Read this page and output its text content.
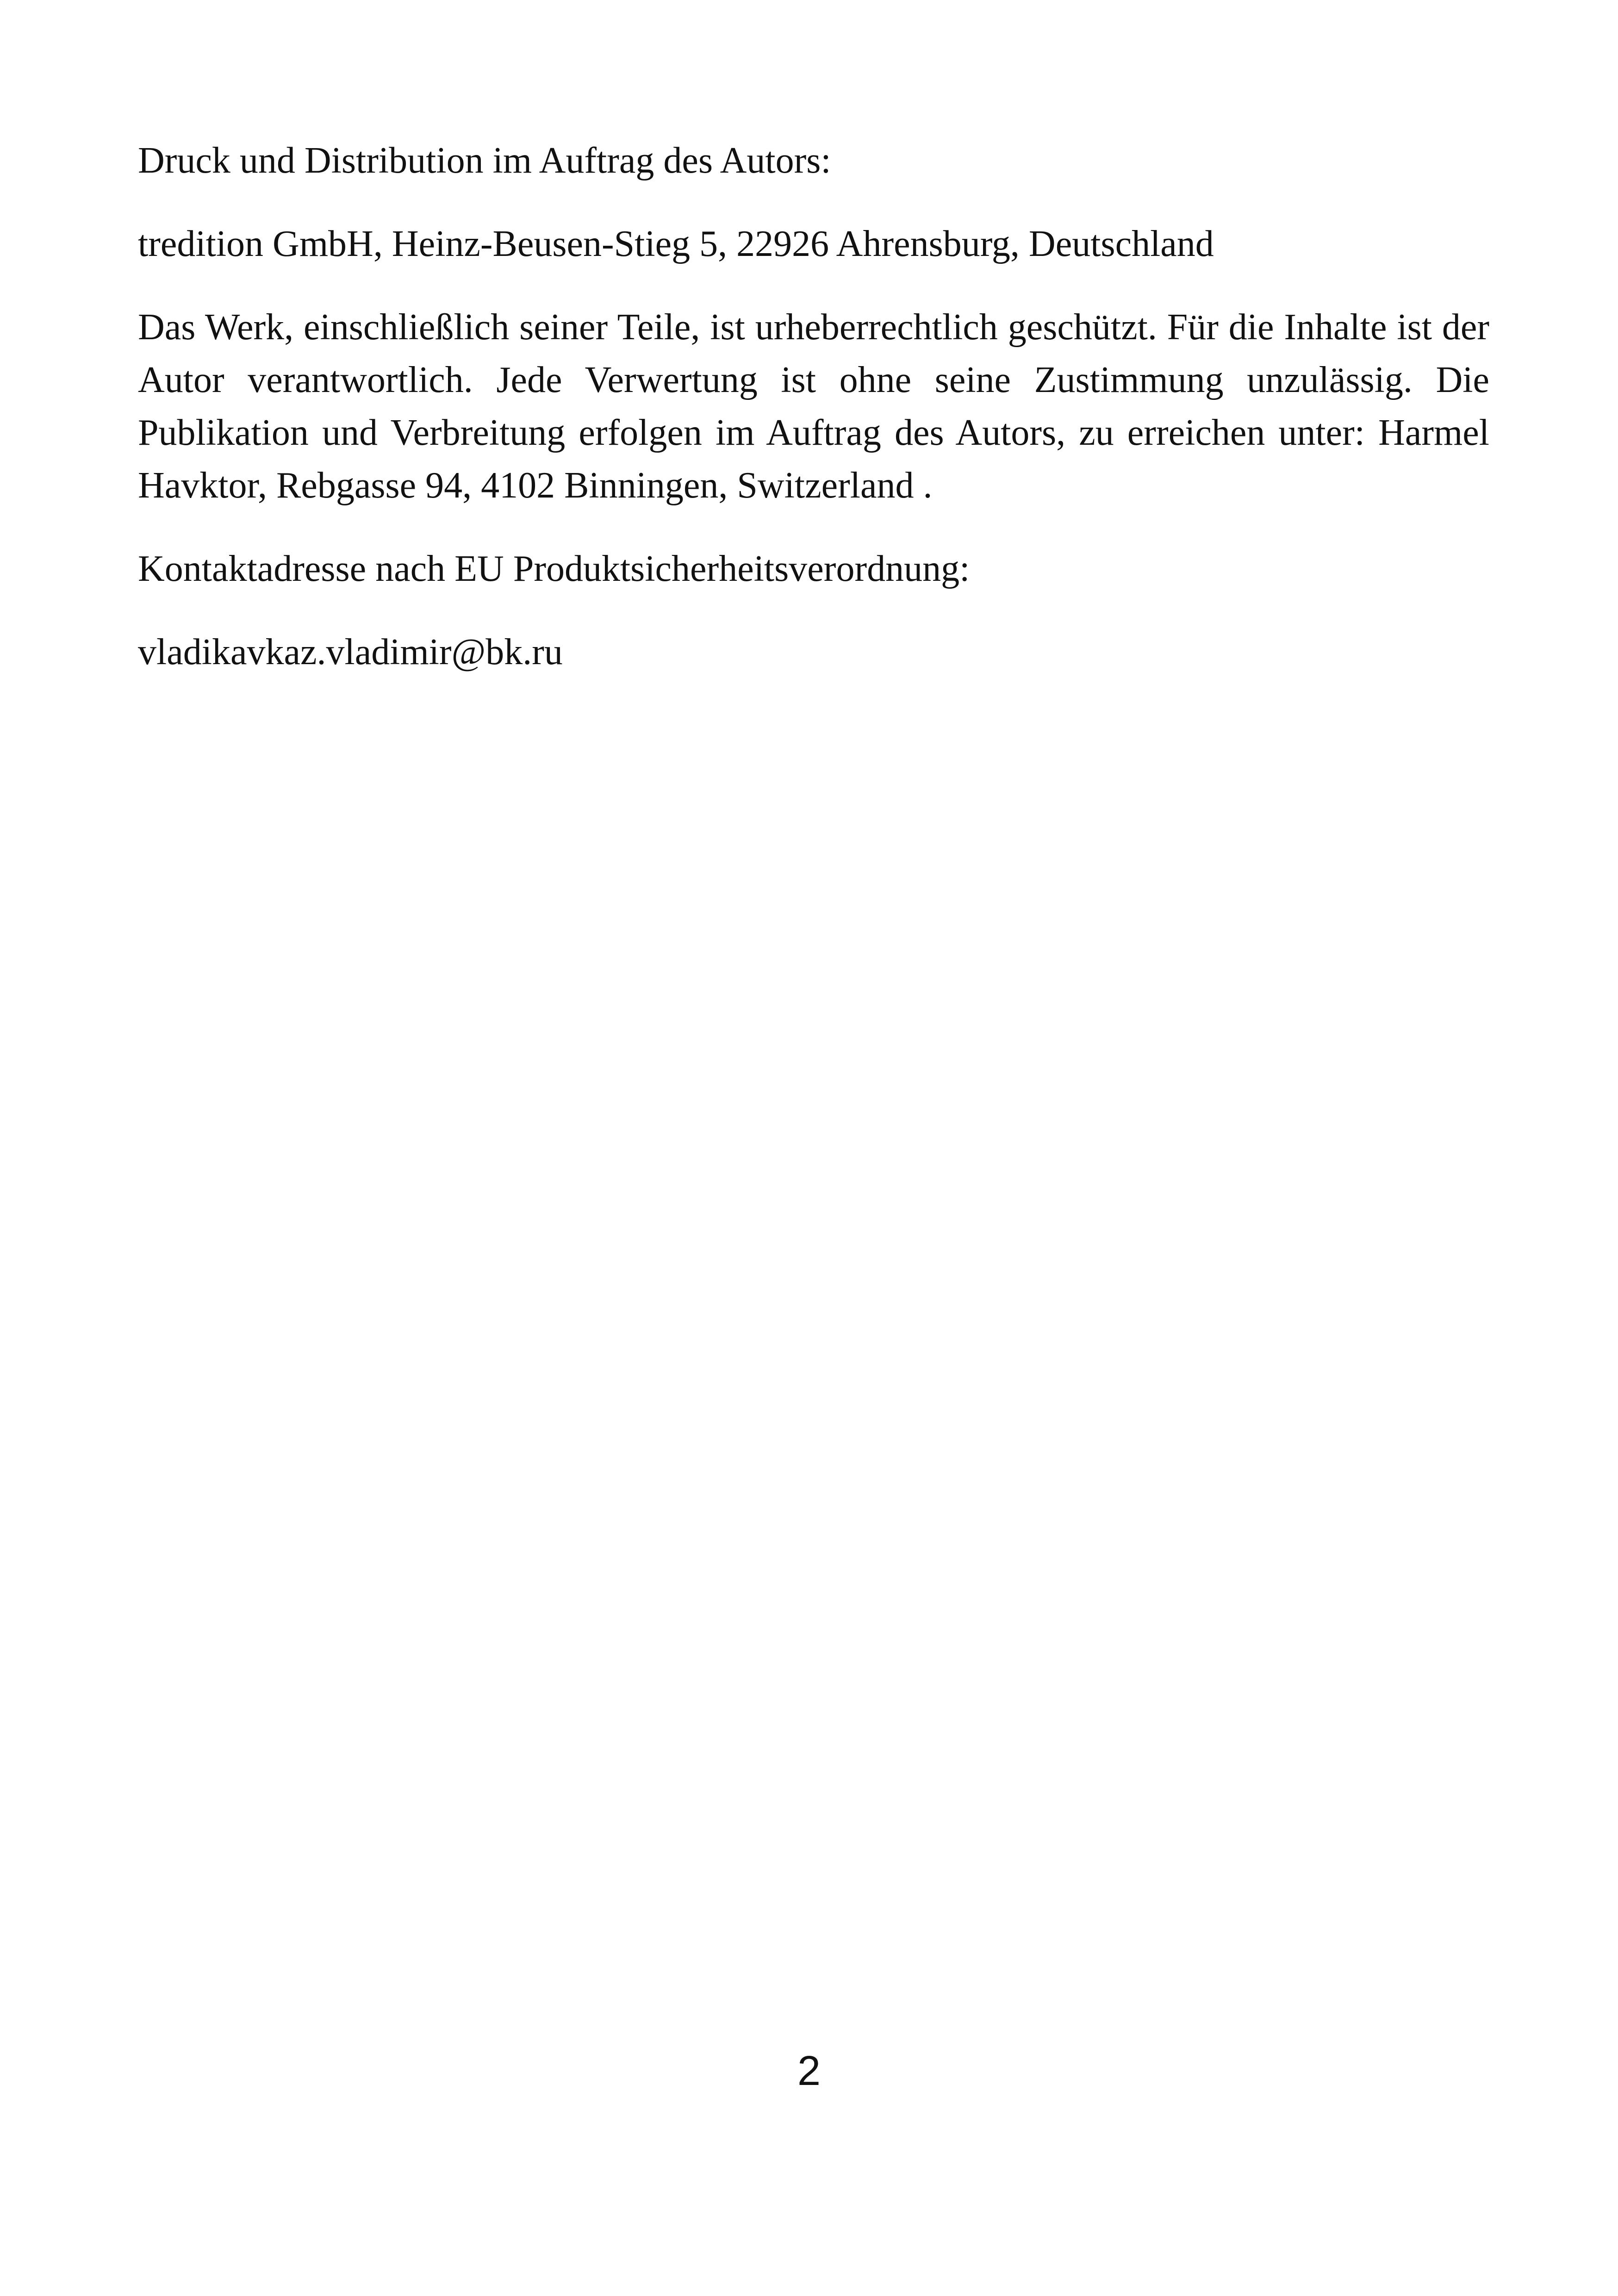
Druck und Distribution im Auftrag des Autors:

tredition GmbH, Heinz-Beusen-Stieg 5, 22926 Ahrensburg, Deutschland

Das Werk, einschließlich seiner Teile, ist urheberrechtlich geschützt. Für die Inhalte ist der Autor verantwortlich. Jede Verwertung ist ohne seine Zustimmung unzulässig. Die Publikation und Verbreitung erfolgen im Auftrag des Autors, zu erreichen unter: Harmel Havktor, Rebgasse 94, 4102 Binningen, Switzerland .

Kontaktadresse nach EU Produktsicherheitsverordnung:

vladikavkaz.vladimir@bk.ru

2
